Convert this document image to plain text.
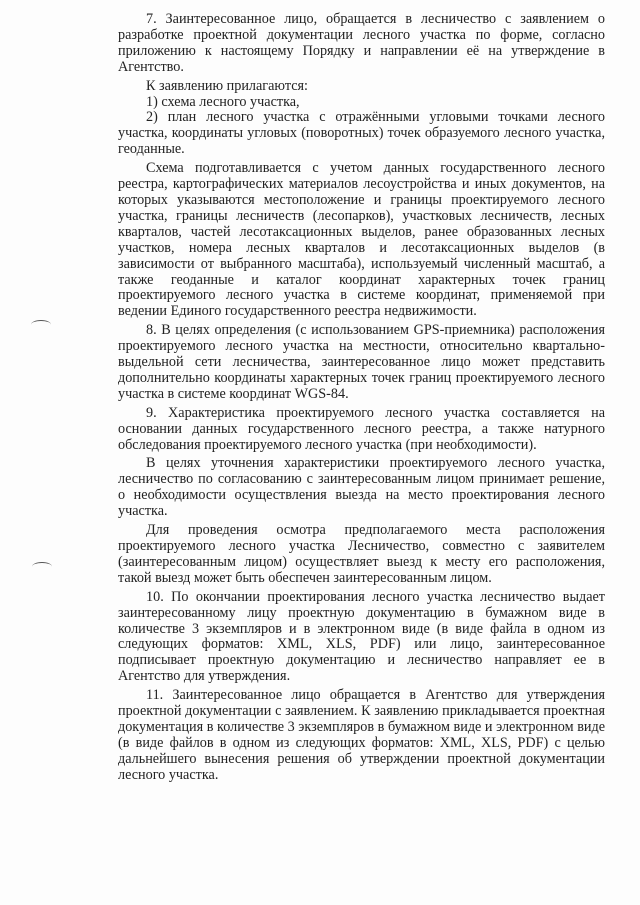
7. Заинтересованное лицо, обращается в лесничество с заявлением о разработке проектной документации лесного участка по форме, согласно приложению к настоящему Порядку и направлении её на утверждение в Агентство.

К заявлению прилагаются:

1) схема лесного участка,

2) план лесного участка с отражёнными угловыми точками лесного участка, координаты угловых (поворотных) точек образуемого лесного участка, геоданные.

Схема подготавливается с учетом данных государственного лесного реестра, картографических материалов лесоустройства и иных документов, на которых указываются местоположение и границы проектируемого лесного участка, границы лесничеств (лесопарков), участковых лесничеств, лесных кварталов, частей лесотаксационных выделов, ранее образованных лесных участков, номера лесных кварталов и лесотаксационных выделов (в зависимости от выбранного масштаба), используемый численный масштаб, а также геоданные и каталог координат характерных точек границ проектируемого лесного участка в системе координат, применяемой при ведении Единого государственного реестра недвижимости.

8. В целях определения (с использованием GPS-приемника) расположения проектируемого лесного участка на местности, относительно квартально-выдельной сети лесничества, заинтересованное лицо может представить дополнительно координаты характерных точек границ проектируемого лесного участка в системе координат WGS-84.

9. Характеристика проектируемого лесного участка составляется на основании данных государственного лесного реестра, а также натурного обследования проектируемого лесного участка (при необходимости).

В целях уточнения характеристики проектируемого лесного участка, лесничество по согласованию с заинтересованным лицом принимает решение, о необходимости осуществления выезда на место проектирования лесного участка.

Для проведения осмотра предполагаемого места расположения проектируемого лесного участка Лесничество, совместно с заявителем (заинтересованным лицом) осуществляет выезд к месту его расположения, такой выезд может быть обеспечен заинтересованным лицом.

10. По окончании проектирования лесного участка лесничество выдает заинтересованному лицу проектную документацию в бумажном виде в количестве 3 экземпляров и в электронном виде (в виде файла в одном из следующих форматов: XML, XLS, PDF) или лицо, заинтересованное подписывает проектную документацию и лесничество направляет ее в Агентство для утверждения.

11. Заинтересованное лицо обращается в Агентство для утверждения проектной документации с заявлением. К заявлению прикладывается проектная документация в количестве 3 экземпляров в бумажном виде и электронном виде (в виде файлов в одном из следующих форматов: XML, XLS, PDF) с целью дальнейшего вынесения решения об утверждении проектной документации лесного участка.
